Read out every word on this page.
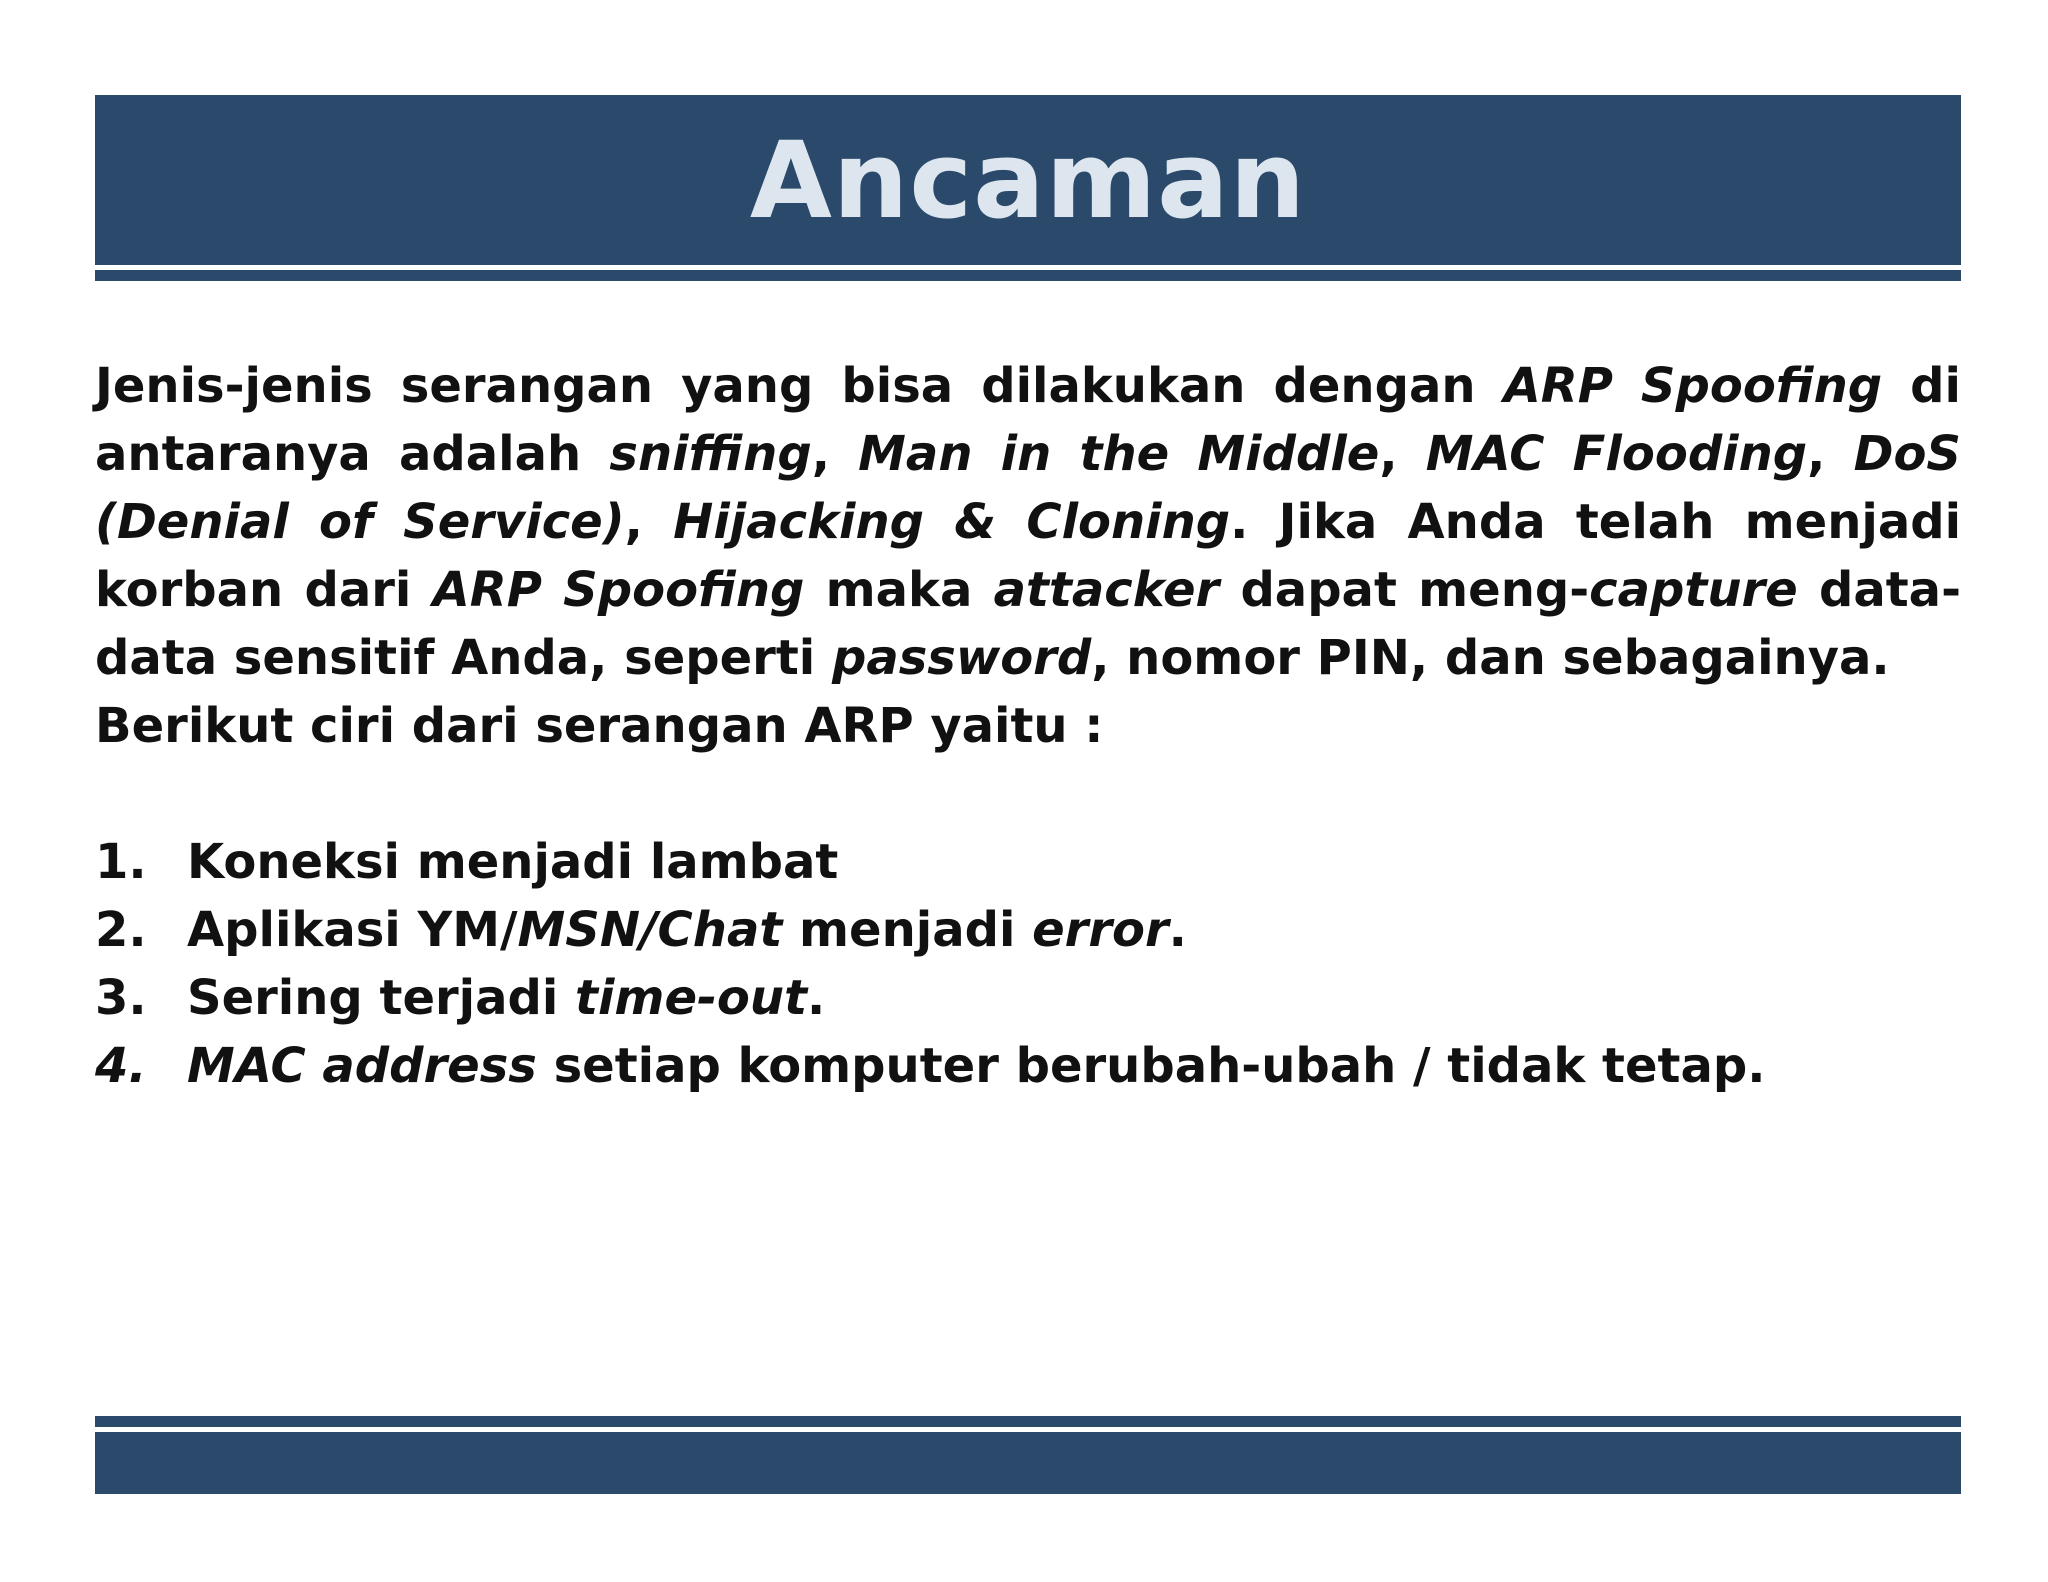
Ancaman

Jenis-jenis serangan yang bisa dilakukan dengan ARP Spoofing di antaranya adalah sniffing, Man in the Middle, MAC Flooding, DoS (Denial of Service), Hijacking & Cloning. Jika Anda telah menjadi korban dari ARP Spoofing maka attacker dapat meng-capture data-data sensitif Anda, seperti password, nomor PIN, dan sebagainya.

Berikut ciri dari serangan ARP yaitu :

1. Koneksi menjadi lambat
2. Aplikasi YM/MSN/Chat menjadi error.
3. Sering terjadi time-out.
4. MAC address setiap komputer berubah-ubah / tidak tetap.
